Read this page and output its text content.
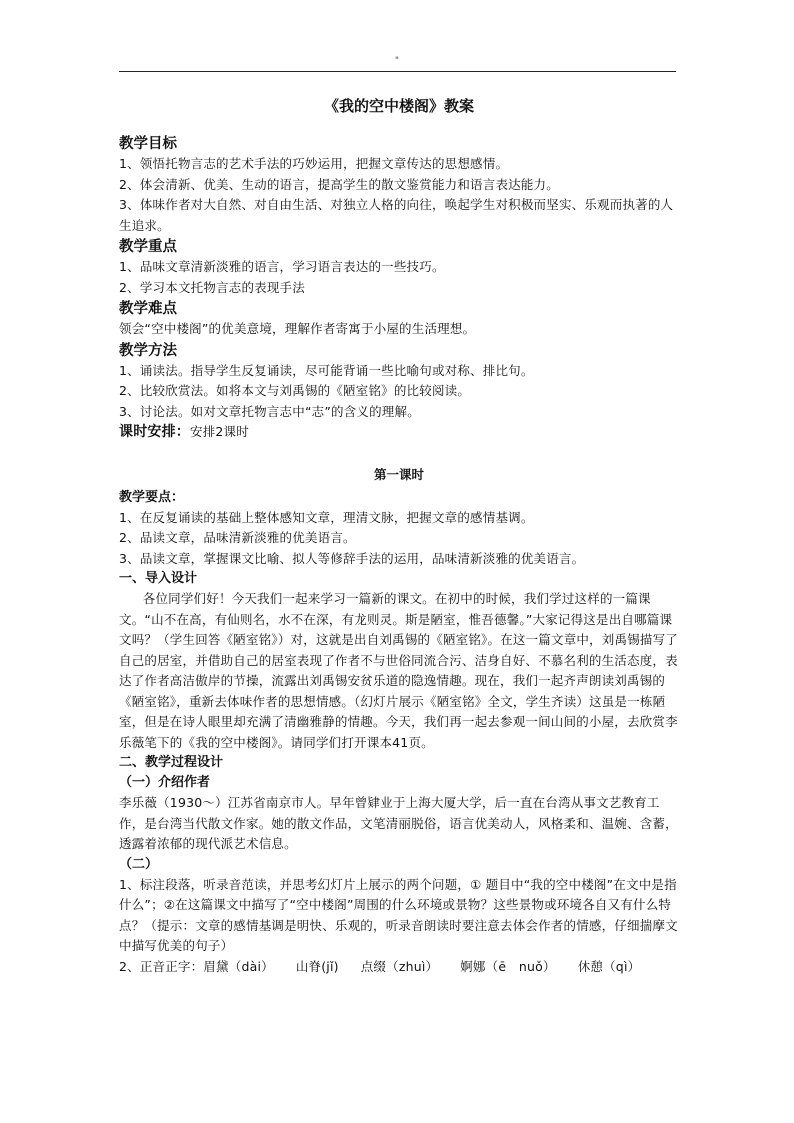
"
《我的空中楼阁》教案
教学目标

1、领悟托物言志的艺术手法的巧妙运用，把握文章传达的思想感情。

2、体会清新、优美、生动的语言，提高学生的散文鉴赏能力和语言表达能力。

3、体味作者对大自然、对自由生活、对独立人格的向往，唤起学生对积极而坚实、乐观而执著的人生追求。

教学重点

1、品味文章清新淡雅的语言，学习语言表达的一些技巧。

2、学习本文托物言志的表现手法

教学难点

领会“空中楼阁”的优美意境，理解作者寄寓于小屋的生活理想。

教学方法

1、诵读法。指导学生反复诵读，尽可能背诵一些比喻句或对称、排比句。

2、比较欣赏法。如将本文与刘禹锡的《陋室铭》的比较阅读。

3、讨论法。如对文章托物言志中“志”的含义的理解。

课时安排：安排2课时

第一课时
教学要点：

1、在反复诵读的基础上整体感知文章，理清文脉，把握文章的感情基调。

2、品读文章，品味清新淡雅的优美语言。

3、品读文章，掌握课文比喻、拟人等修辞手法的运用，品味清新淡雅的优美语言。

一、导入设计

各位同学们好！今天我们一起来学习一篇新的课文。在初中的时候，我们学过这样的一篇课文。“山不在高，有仙则名，水不在深，有龙则灵。斯是陋室，惟吾德馨。”大家记得这是出自哪篇课文吗？（学生回答《陋室铭》）对，这就是出自刘禹锡的《陋室铭》。在这一篇文章中，刘禹锡描写了自己的居室，并借助自己的居室表现了作者不与世俗同流合污、洁身自好、不慕名利的生活态度，表达了作者高洁傲岸的节操，流露出刘禹锡安贫乐道的隐逸情趣。现在，我们一起齐声朗读刘禹锡的《陋室铭》，重新去体味作者的思想情感。（幻灯片展示《陋室铭》全文，学生齐读）这虽是一栋陋室，但是在诗人眼里却充满了清幽雅静的情趣。今天，我们再一起去参观一间山间的小屋，去欣赏李乐薇笔下的《我的空中楼阁》。请同学们打开课本41页。

二、教学过程设计
（一）介绍作者

李乐薇（1930～）江苏省南京市人。早年曾肄业于上海大厦大学，后一直在台湾从事文艺教育工作，是台湾当代散文作家。她的散文作品，文笔清丽脱俗，语言优美动人，风格柔和、温婉、含蓄，透露着浓郁的现代派艺术信息。

（二）

1、标注段落，听录音范读，并思考幻灯片上展示的两个问题，① 题目中“我的空中楼阁”在文中是指什么”；②在这篇课文中描写了“空中楼阁”周围的什么环境或景物？这些景物或环境各自又有什么特点？（提示：文章的感情基调是明快、乐观的，听录音朗读时要注意去体会作者的情感，仔细揣摩文中描写优美的句子）

2、正音正字：眉黛（dài） 山脊(jǐ) 点缀（zhuì） 婀娜（ē　nuǒ） 休憩（qì）
